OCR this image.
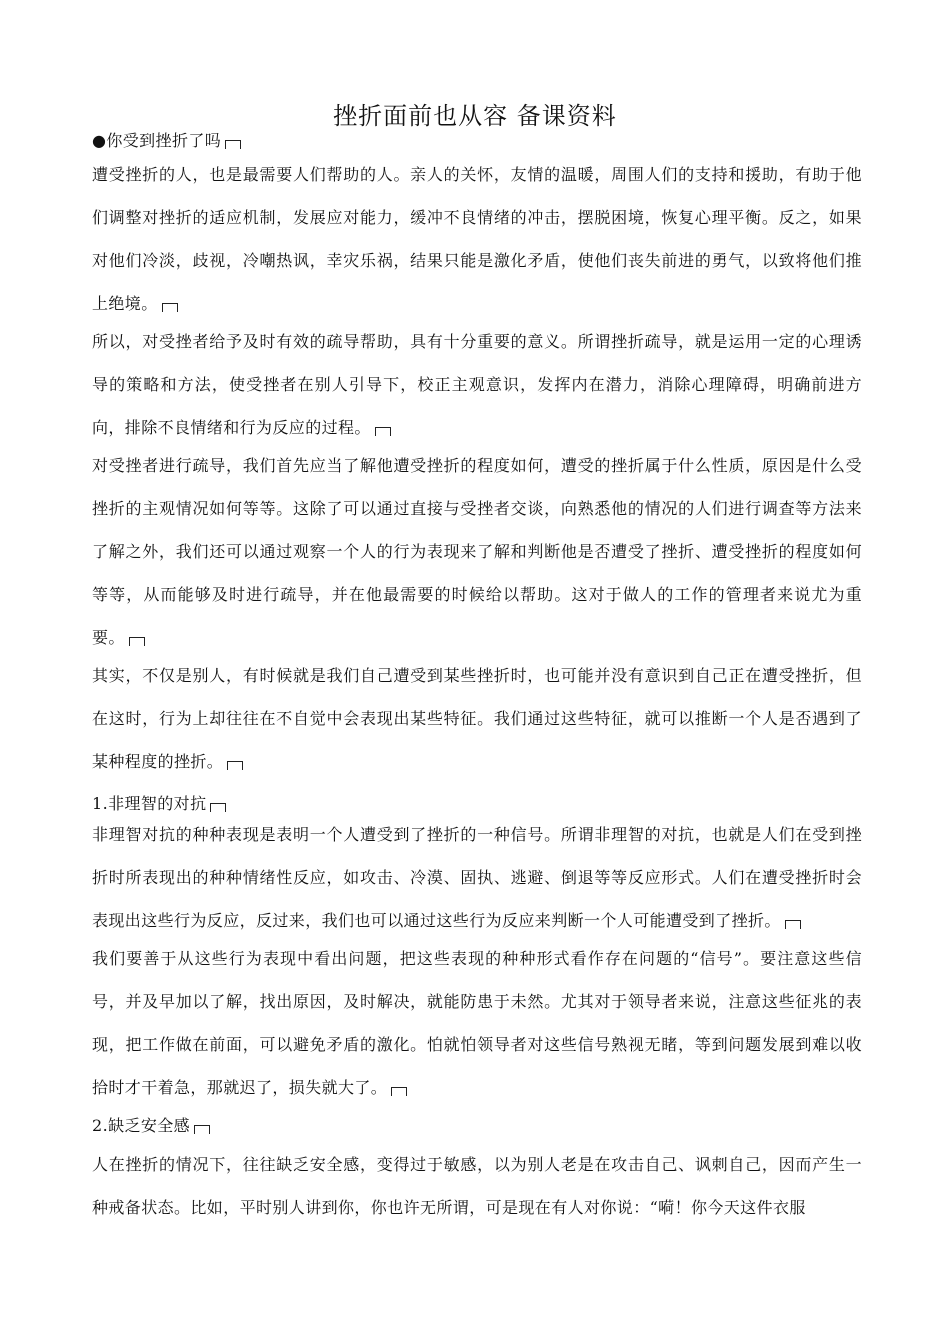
挫折面前也从容 备课资料
●你受到挫折了吗
遭受挫折的人，也是最需要人们帮助的人。亲人的关怀，友情的温暖，周围人们的支持和援助，有助于他们调整对挫折的适应机制，发展应对能力，缓冲不良情绪的冲击，摆脱困境，恢复心理平衡。反之，如果对他们冷淡，歧视，冷嘲热讽，幸灾乐祸，结果只能是激化矛盾，使他们丧失前进的勇气，以致将他们推上绝境。
所以，对受挫者给予及时有效的疏导帮助，具有十分重要的意义。所谓挫折疏导，就是运用一定的心理诱导的策略和方法，使受挫者在别人引导下，校正主观意识，发挥内在潜力，消除心理障碍，明确前进方向，排除不良情绪和行为反应的过程。
对受挫者进行疏导，我们首先应当了解他遭受挫折的程度如何，遭受的挫折属于什么性质，原因是什么受挫折的主观情况如何等等。这除了可以通过直接与受挫者交谈，向熟悉他的情况的人们进行调查等方法来了解之外，我们还可以通过观察一个人的行为表现来了解和判断他是否遭受了挫折、遭受挫折的程度如何等等，从而能够及时进行疏导，并在他最需要的时候给以帮助。这对于做人的工作的管理者来说尤为重要。
其实，不仅是别人，有时候就是我们自己遭受到某些挫折时，也可能并没有意识到自己正在遭受挫折，但在这时，行为上却往往在不自觉中会表现出某些特征。我们通过这些特征，就可以推断一个人是否遇到了某种程度的挫折。
1.非理智的对抗
非理智对抗的种种表现是表明一个人遭受到了挫折的一种信号。所谓非理智的对抗，也就是人们在受到挫折时所表现出的种种情绪性反应，如攻击、冷漠、固执、逃避、倒退等等反应形式。人们在遭受挫折时会表现出这些行为反应，反过来，我们也可以通过这些行为反应来判断一个人可能遭受到了挫折。
我们要善于从这些行为表现中看出问题，把这些表现的种种形式看作存在问题的“信号”。要注意这些信号，并及早加以了解，找出原因，及时解决，就能防患于未然。尤其对于领导者来说，注意这些征兆的表现，把工作做在前面，可以避免矛盾的激化。怕就怕领导者对这些信号熟视无睹，等到问题发展到难以收拾时才干着急，那就迟了，损失就大了。
2.缺乏安全感
人在挫折的情况下，往往缺乏安全感，变得过于敏感，以为别人老是在攻击自己、讽刺自己，因而产生一种戒备状态。比如，平时别人讲到你，你也许无所谓，可是现在有人对你说：“嗬！你今天这件衣服
